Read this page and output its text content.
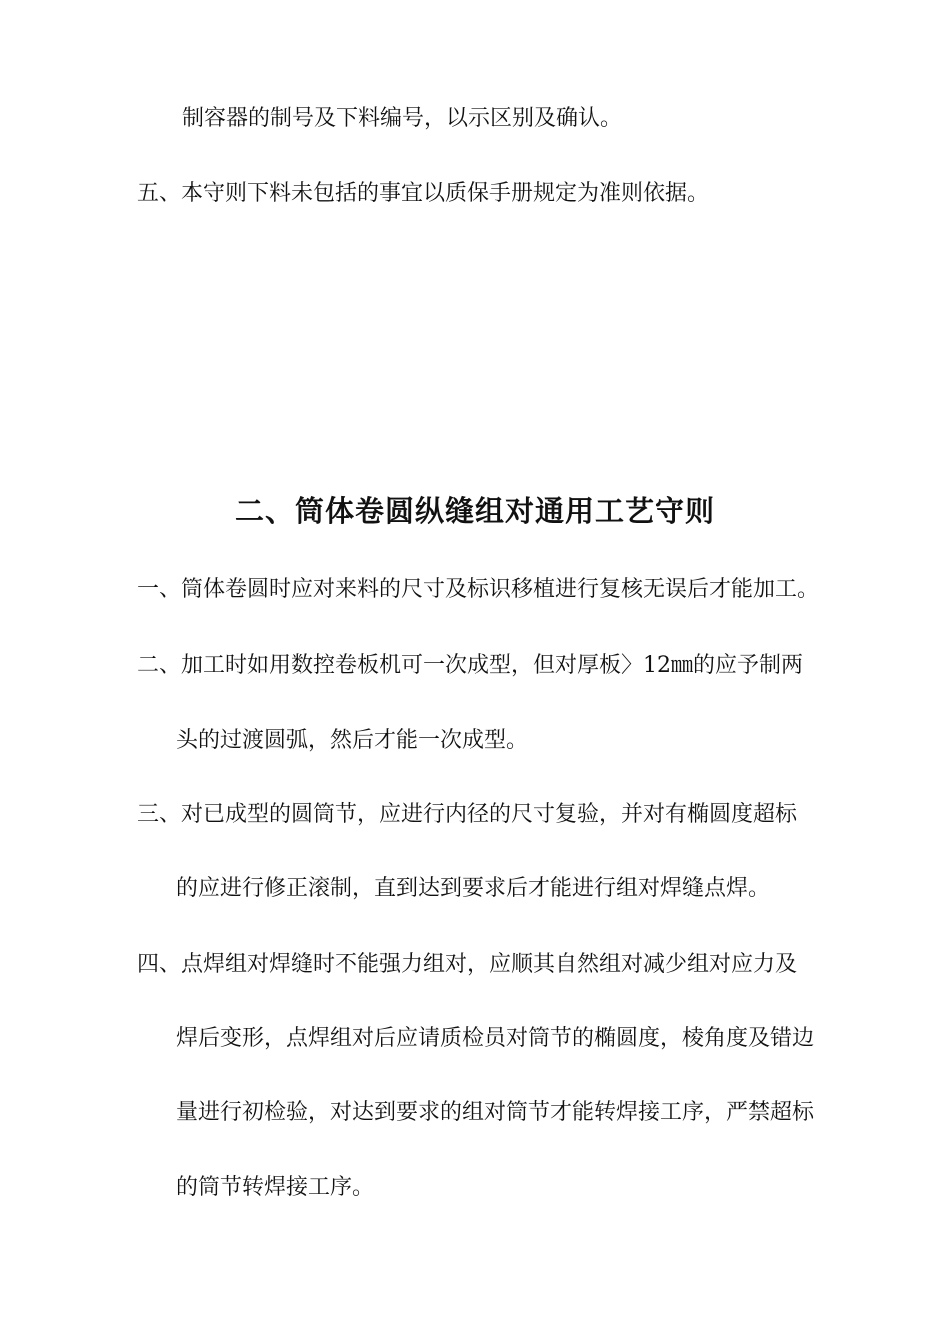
制容器的制号及下料编号，以示区别及确认。
五、本守则下料未包括的事宜以质保手册规定为准则依据。
二、筒体卷圆纵缝组对通用工艺守则
一、筒体卷圆时应对来料的尺寸及标识移植进行复核无误后才能加工。
二、加工时如用数控卷板机可一次成型，但对厚板〉12㎜的应予制两
头的过渡圆弧，然后才能一次成型。
三、对已成型的圆筒节，应进行内径的尺寸复验，并对有椭圆度超标
的应进行修正滚制，直到达到要求后才能进行组对焊缝点焊。
四、点焊组对焊缝时不能强力组对，应顺其自然组对减少组对应力及
焊后变形，点焊组对后应请质检员对筒节的椭圆度，棱角度及错边
量进行初检验，对达到要求的组对筒节才能转焊接工序，严禁超标
的筒节转焊接工序。
